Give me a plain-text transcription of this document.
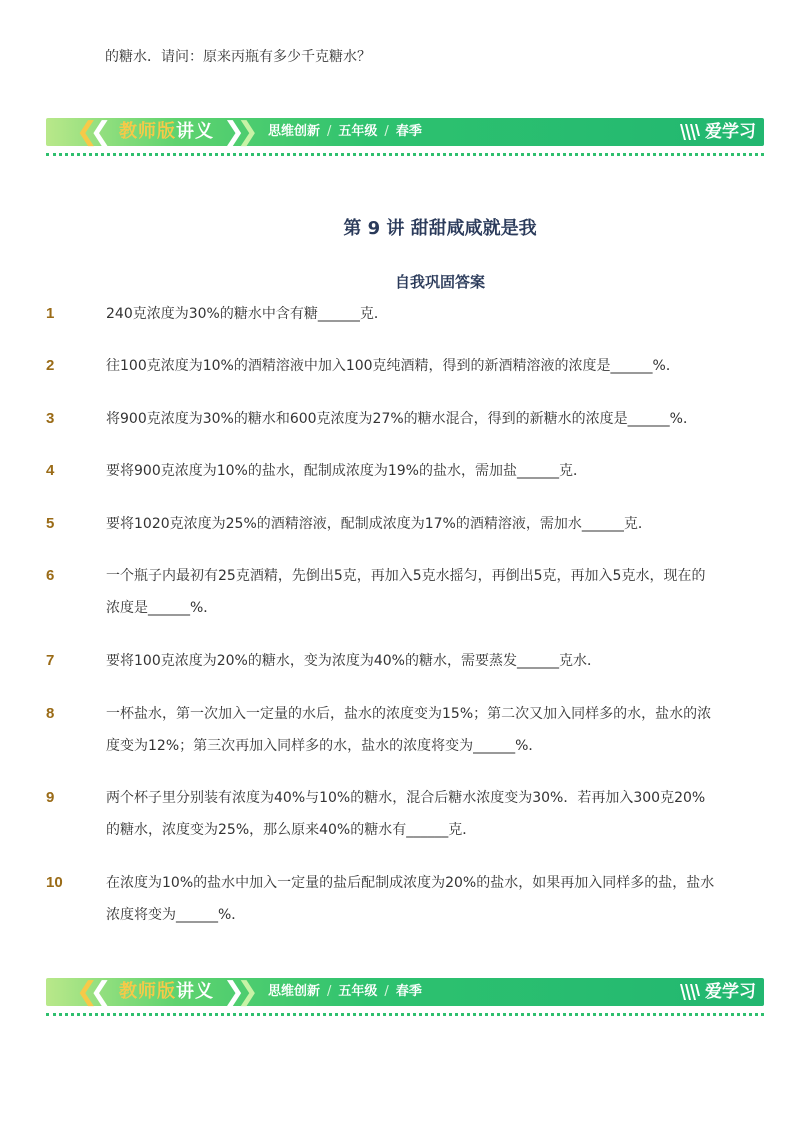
的糖水．请问：原来丙瓶有多少千克糖水？
❮❮ 教师版讲义 ❯❯ 思维创新 / 五年级 / 春季	爱学习
第 9 讲 甜甜咸咸就是我
自我巩固答案
1	240克浓度为30%的糖水中含有糖______克．
2	往100克浓度为10%的酒精溶液中加入100克纯酒精，得到的新酒精溶液的浓度是______%．
3	将900克浓度为30%的糖水和600克浓度为27%的糖水混合，得到的新糖水的浓度是______%．
4	要将900克浓度为10%的盐水，配制成浓度为19%的盐水，需加盐______克．
5	要将1020克浓度为25%的酒精溶液，配制成浓度为17%的酒精溶液，需加水______克．
6	一个瓶子内最初有25克酒精，先倒出5克，再加入5克水摇匀，再倒出5克，再加入5克水，现在的浓度是______%．
7	要将100克浓度为20%的糖水，变为浓度为40%的糖水，需要蒸发______克水．
8	一杯盐水，第一次加入一定量的水后，盐水的浓度变为15%；第二次又加入同样多的水，盐水的浓度变为12%；第三次再加入同样多的水，盐水的浓度将变为______%．
9	两个杯子里分别装有浓度为40%与10%的糖水，混合后糖水浓度变为30%．若再加入300克20%的糖水，浓度变为25%，那么原来40%的糖水有______克．
10	在浓度为10%的盐水中加入一定量的盐后配制成浓度为20%的盐水，如果再加入同样多的盐，盐水浓度将变为______%．
❮❮ 教师版讲义 ❯❯ 思维创新 / 五年级 / 春季	爱学习
